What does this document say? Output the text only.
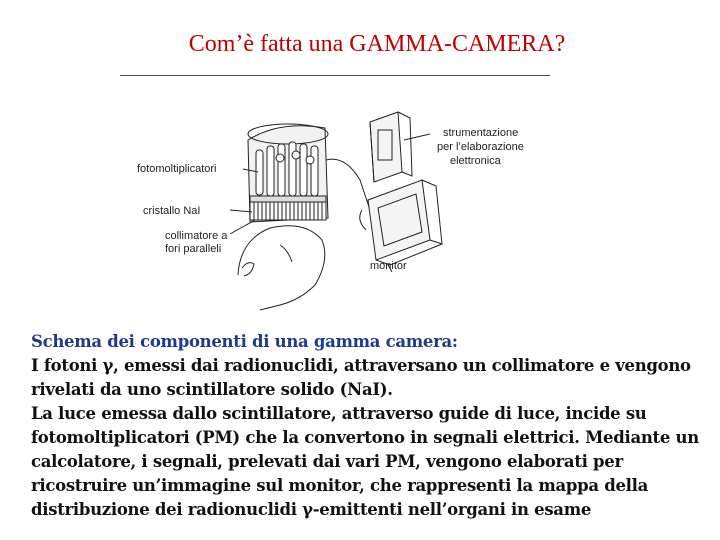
Com’è fatta una GAMMA-CAMERA?
fotomoltiplicatori
cristallo NaI
collimatore a
fori paralleli
strumentazione
per l’elaborazione
elettronica
monitor
Schema dei componenti di una gamma camera:
I fotoni γ, emessi dai radionuclidi, attraversano un collimatore e vengono
rivelati da uno scintillatore solido (NaI).
La luce emessa dallo scintillatore, attraverso guide di luce, incide su
fotomoltiplicatori (PM) che la convertono in segnali elettrici. Mediante un
calcolatore, i segnali, prelevati dai vari PM, vengono elaborati per
ricostruire un’immagine sul monitor, che rappresenti la mappa della
distribuzione dei radionuclidi γ-emittenti nell’organi in esame
